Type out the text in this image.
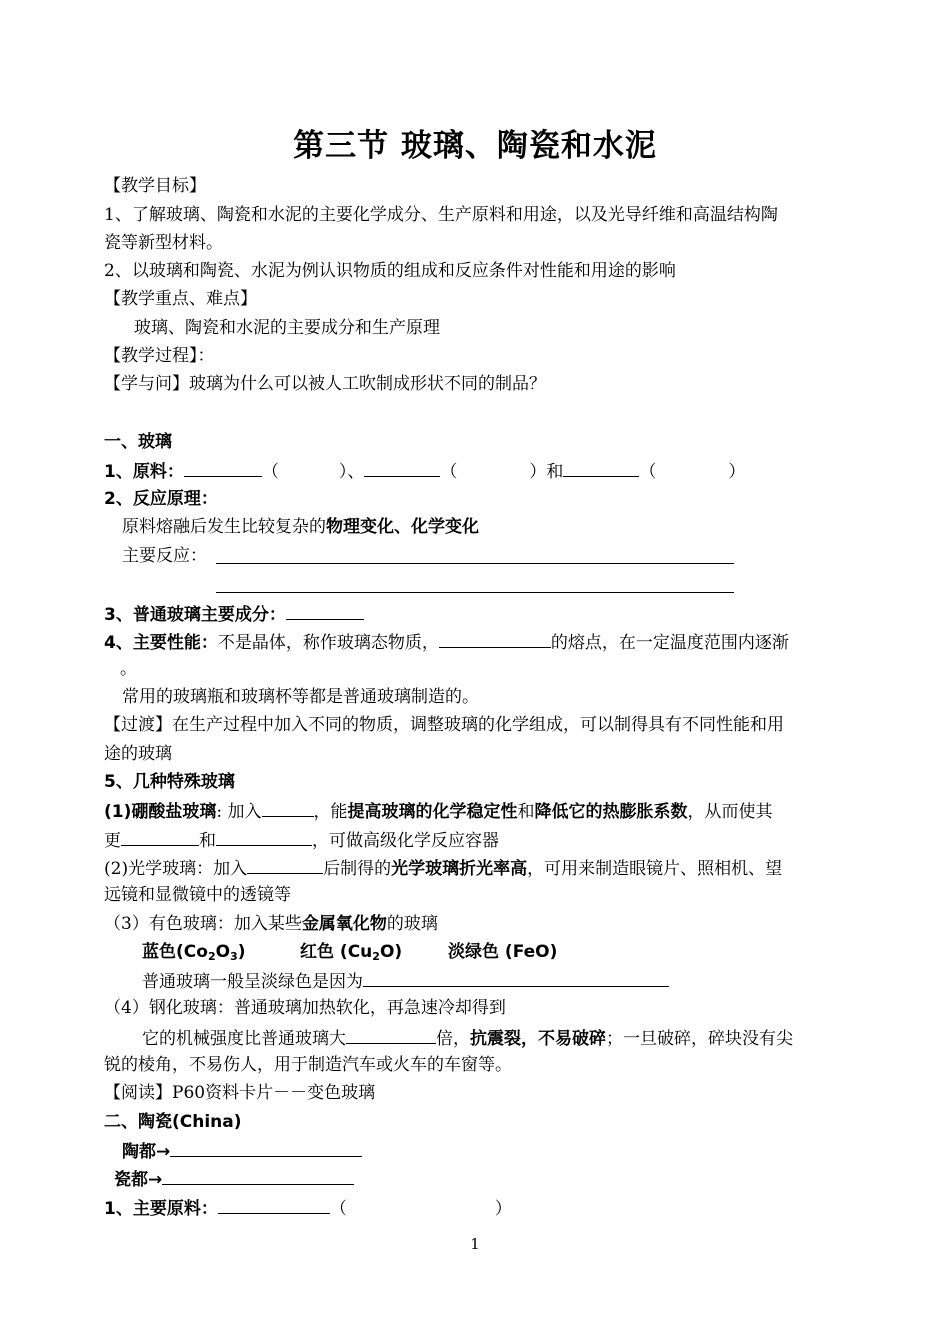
第三节 玻璃、陶瓷和水泥
【教学目标】
1、了解玻璃、陶瓷和水泥的主要化学成分、生产原料和用途，以及光导纤维和高温结构陶
瓷等新型材料。
2、以玻璃和陶瓷、水泥为例认识物质的组成和反应条件对性能和用途的影响
【教学重点、难点】
玻璃、陶瓷和水泥的主要成分和生产原理
【教学过程】：
【学与问】玻璃为什么可以被人工吹制成形状不同的制品？
一、玻璃
1、原料：	（	）、	（	）和	（	）
2、反应原理：
原料熔融后发生比较复杂的物理变化、化学变化
主要反应：
3、普通玻璃主要成分：
4、主要性能：不是晶体，称作玻璃态物质，	的熔点，在一定温度范围内逐渐
。
常用的玻璃瓶和玻璃杯等都是普通玻璃制造的。
【过渡】在生产过程中加入不同的物质，调整玻璃的化学组成，可以制得具有不同性能和用
途的玻璃
5、几种特殊玻璃
(1)硼酸盐玻璃: 加入	，能提高玻璃的化学稳定性和降低它的热膨胀系数，从而使其
更	和	，可做高级化学反应容器
(2)光学玻璃：加入	后制得的光学玻璃折光率高，可用来制造眼镜片、照相机、望
远镜和显微镜中的透镜等
（3）有色玻璃：加入某些金属氧化物的玻璃
蓝色$(Co_2O_3)$	红色 $(Cu_2O)$	淡绿色 (FeO)
普通玻璃一般呈淡绿色是因为
（4）钢化玻璃：普通玻璃加热软化，再急速冷却得到
它的机械强度比普通玻璃大	倍，抗震裂，不易破碎；一旦破碎，碎块没有尖
锐的棱角，不易伤人，用于制造汽车或火车的车窗等。
【阅读】P60资料卡片－－变色玻璃
二、陶瓷(China)
陶都→
瓷都→
1、主要原料：	（	）
1
